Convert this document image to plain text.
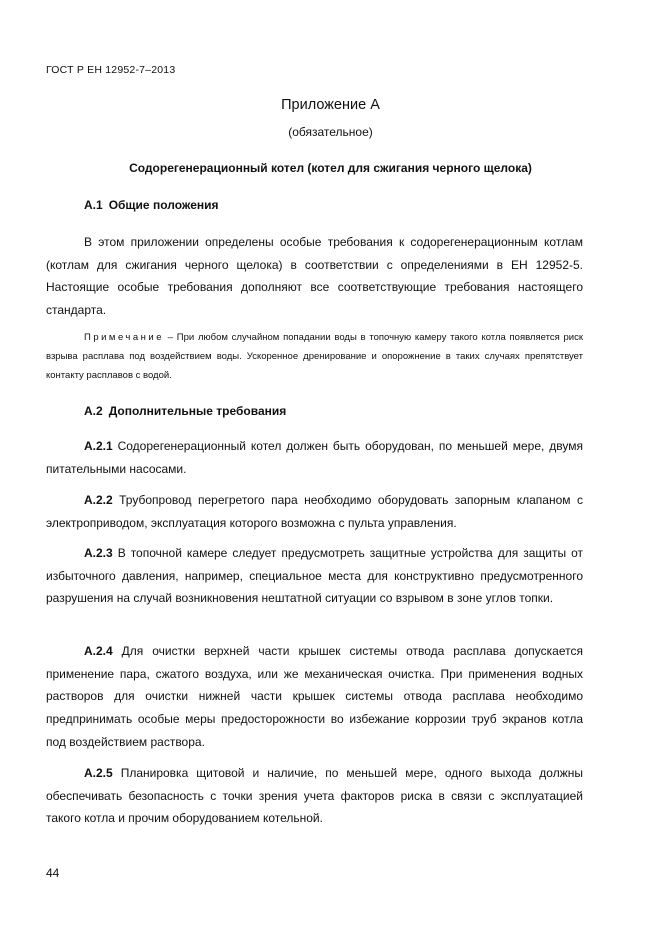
ГОСТ Р ЕН 12952-7–2013
Приложение А
(обязательное)
Содорегенерационный котел (котел для сжигания черного щелока)
А.1 Общие положения

В этом приложении определены особые требования к содорегенерационным котлам (котлам для сжигания черного щелока) в соответствии с определениями в ЕН 12952-5. Настоящие особые требования дополняют все соответствующие требования настоящего стандарта.

Примечание – При любом случайном попадании воды в топочную камеру такого котла появляется риск взрыва расплава под воздействием воды. Ускоренное дренирование и опорожнение в таких случаях препятствует контакту расплавов с водой.

А.2 Дополнительные требования

А.2.1 Содорегенерационный котел должен быть оборудован, по меньшей мере, двумя питательными насосами.

А.2.2 Трубопровод перегретого пара необходимо оборудовать запорным клапаном с электроприводом, эксплуатация которого возможна с пульта управления.

А.2.3 В топочной камере следует предусмотреть защитные устройства для защиты от избыточного давления, например, специальное места для конструктивно предусмотренного разрушения на случай возникновения нештатной ситуации со взрывом в зоне углов топки.

А.2.4 Для очистки верхней части крышек системы отвода расплава допускается применение пара, сжатого воздуха, или же механическая очистка. При применения водных растворов для очистки нижней части крышек системы отвода расплава необходимо предпринимать особые меры предосторожности во избежание коррозии труб экранов котла под воздействием раствора.

А.2.5 Планировка щитовой и наличие, по меньшей мере, одного выхода должны обеспечивать безопасность с точки зрения учета факторов риска в связи с эксплуатацией такого котла и прочим оборудованием котельной.

44
